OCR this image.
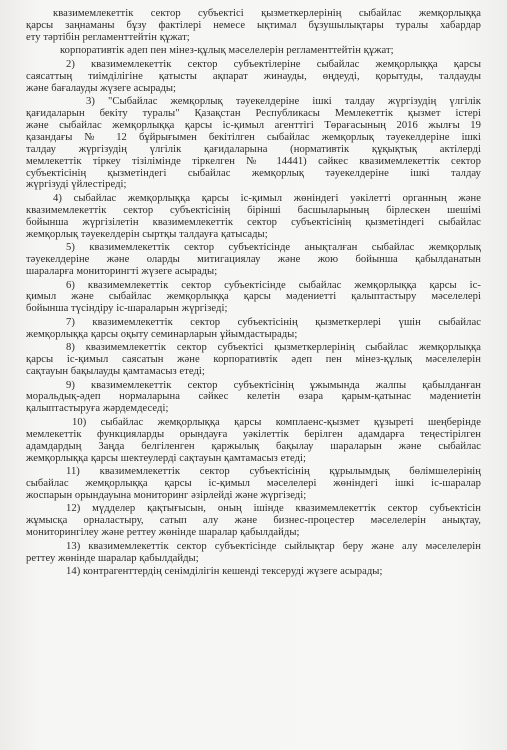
квазимемлекеттік сектор субъектісі қызметкерлерінің сыбайлас жемқорлыққа

қарсы заңнаманы бұзу фактілері немесе ықтимал бұзушылықтары туралы хабардар

ету тәртібін регламенттейтін құжат;

корпоративтік әдеп пен мінез-құлық мәселелерін регламенттейтін құжат;

2) квазимемлекеттік сектор субъектілеріне сыбайлас жемқорлыққа қарсы

саясаттың тиімділігіне қатысты ақпарат жинауды, өңдеуді, қорытуды, талдауды

және бағалауды жүзеге асырады;

3) "Сыбайлас жемқорлық тәуекелдеріне ішкі талдау жүргізудің үлгілік

қағидаларын бекіту туралы" Қазақстан Республикасы Мемлекеттік қызмет істері

және сыбайлас жемқорлыққа қарсы іс-қимыл агенттігі Төрағасының 2016 жылғы 19

қазандағы № 12 бұйрығымен бекітілген сыбайлас жемқорлық тәуекелдеріне ішкі

талдау жүргізудің үлгілік қағидаларына (нормативтік құқықтық актілерді

мемлекеттік тіркеу тізілімінде тіркелген № 14441) сәйкес квазимемлекеттік сектор

субъектісінің қызметіндегі сыбайлас жемқорлық тәуекелдеріне ішкі талдау

жүргізуді үйлестіреді;

4) сыбайлас жемқорлыққа қарсы іс-қимыл жөніндегі уәкілетті органның және

квазимемлекеттік сектор субъектісінің бірінші басшыларының бірлескен шешімі

бойынша жүргізілетін квазимемлекеттік сектор субъектісінің қызметіндегі сыбайлас

жемқорлық тәуекелдерін сыртқы талдауға қатысады;

5) квазимемлекеттік сектор субъектісінде анықталған сыбайлас жемқорлық

тәуекелдеріне және оларды митигациялау және жою бойынша қабылданатын

шараларға мониторингті жүзеге асырады;

6) квазимемлекеттік сектор субъектісінде сыбайлас жемқорлыққа қарсы іс-

қимыл және сыбайлас жемқорлыққа қарсы мәдениетті қалыптастыру мәселелері

бойынша түсіндіру іс-шараларын жүргізеді;

7) квазимемлекеттік сектор субъектісінің қызметкерлері үшін сыбайлас

жемқорлыққа қарсы оқыту семинарларын ұйымдастырады;

8) квазимемлекеттік сектор субъектісі қызметкерлерінің сыбайлас жемқорлыққа

қарсы іс-қимыл саясатын және корпоративтік әдеп пен мінез-құлық мәселелерін

сақтауын бақылауды қамтамасыз етеді;

9) квазимемлекеттік сектор субъектісінің ұжымында жалпы қабылданған

моральдық-әдеп нормаларына сәйкес келетін өзара қарым-қатынас мәдениетін

қалыптастыруға жәрдемдеседі;

10) сыбайлас жемқорлыққа қарсы комплаенс-қызмет құзыреті шеңберінде

мемлекеттік функцияларды орындауға уәкілеттік берілген адамдарға теңестірілген

адамдардың Заңда белгіленген қаржылық бақылау шараларын және сыбайлас

жемқорлыққа қарсы шектеулерді сақтауын қамтамасыз етеді;

11) квазимемлекеттік сектор субъектісінің құрылымдық бөлімшелерінің

сыбайлас жемқорлыққа қарсы іс-қимыл мәселелері жөніндегі ішкі іс-шаралар

жоспарын орындауына мониторинг әзірлейді және жүргізеді;

12) мүдделер қақтығысын, оның ішінде квазимемлекеттік сектор субъектісін

жұмысқа орналастыру, сатып алу және бизнес-процестер мәселелерін анықтау,

мониторингілеу және реттеу жөнінде шаралар қабылдайды;

13) квазимемлекеттік сектор субъектісінде сыйлықтар беру және алу мәселелерін

реттеу жөнінде шаралар қабылдайды;

14) контрагенттердің сенімділігін кешенді тексеруді жүзеге асырады;
